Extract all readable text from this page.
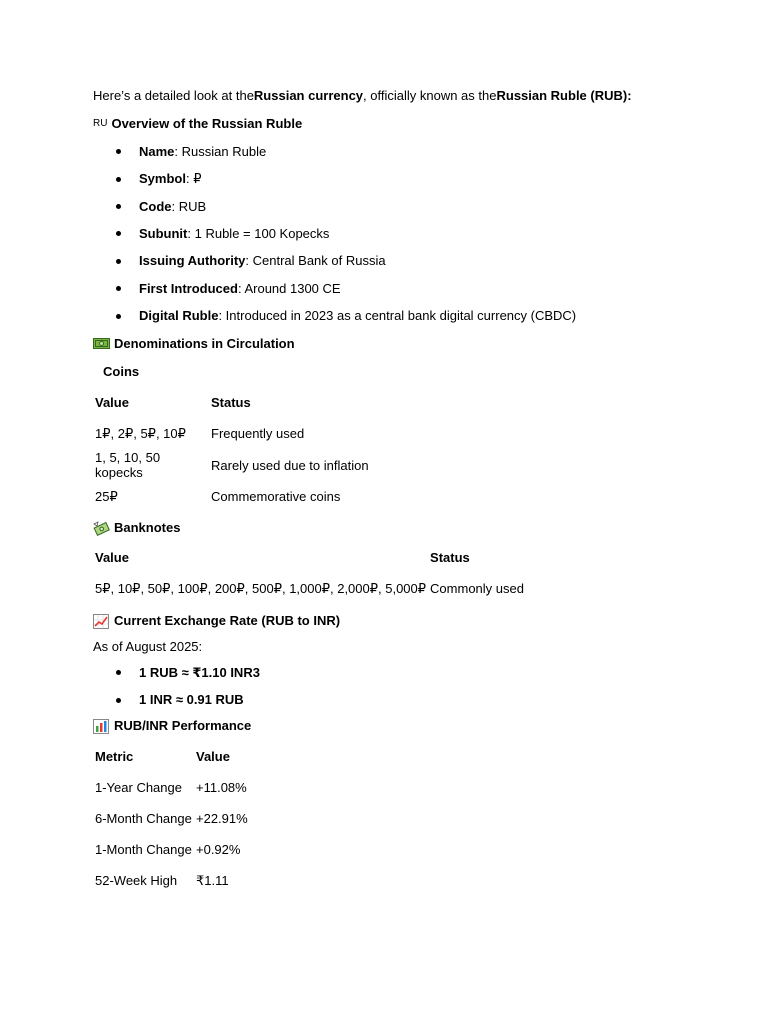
Here’s a detailed look at the Russian currency , officially known as the Russian Ruble (RUB) :

RU Overview of the Russian Ruble

Name : Russian Ruble
Symbol : ₽
Code : RUB
Subunit : 1 Ruble = 100 Kopecks
Issuing Authority : Central Bank of Russia
First Introduced : Around 1300 CE
Digital Ruble : Introduced in 2023 as a central bank digital currency (CBDC)

Denominations in Circulation

Coins

Value	Status
1₽, 2₽, 5₽, 10₽	Frequently used
1, 5, 10, 50 kopecks	Rarely used due to inflation
25₽	Commemorative coins

Banknotes

Value	Status
5₽, 10₽, 50₽, 100₽, 200₽, 500₽, 1,000₽, 2,000₽, 5,000₽	Commonly used

Current Exchange Rate (RUB to INR)

As of August 2025:

1 RUB ≈ ₹1.10 INR3
1 INR ≈ 0.91 RUB

RUB/INR Performance

Metric	Value
1-Year Change	+11.08%
6-Month Change	+22.91%
1-Month Change	+0.92%
52-Week High	₹1.11
